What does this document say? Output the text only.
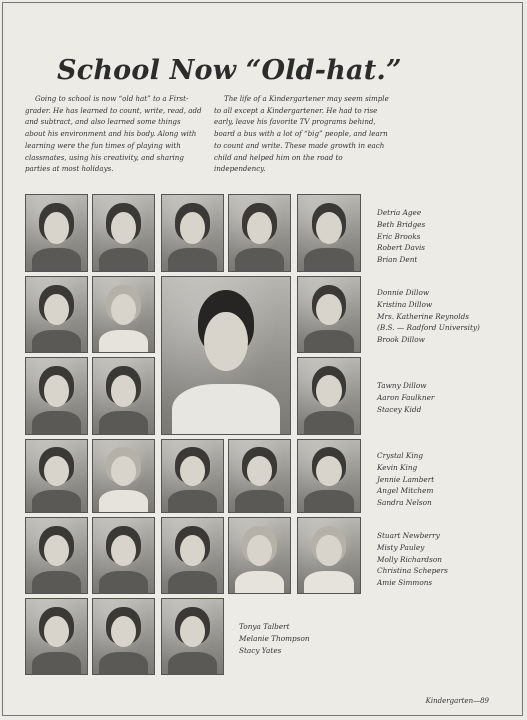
School Now “Old-hat.”

Going to school is now “old hat” to a First-grader. He has learned to count, write, read, add and subtract, and also learned some things about his environment and his body. Along with learning were the fun times of playing with classmates, using his creativity, and sharing parties at most holidays.

The life of a Kindergartener may seem simple to all except a Kindergartener. He had to rise early, leave his favorite TV programs behind, board a bus with a lot of “big” people, and learn to count and write. These made growth in each child and helped him on the road to independency.

Detria Agee
Beth Bridges
Eric Brooks
Robert Davis
Brian Dent
Donnie Dillow
Kristina Dillow
Mrs. Katherine Reynolds
(B.S. — Radford University)
Brook Dillow
Tawny Dillow
Aaron Faulkner
Stacey Kidd
Crystal King
Kevin King
Jennie Lambert
Angel Mitchem
Sandra Nelson
Stuart Newberry
Misty Pauley
Molly Richardson
Christina Schepers
Amie Simmons
Tonya Talbert
Melanie Thompson
Stacy Yates
Kindergarten—89
